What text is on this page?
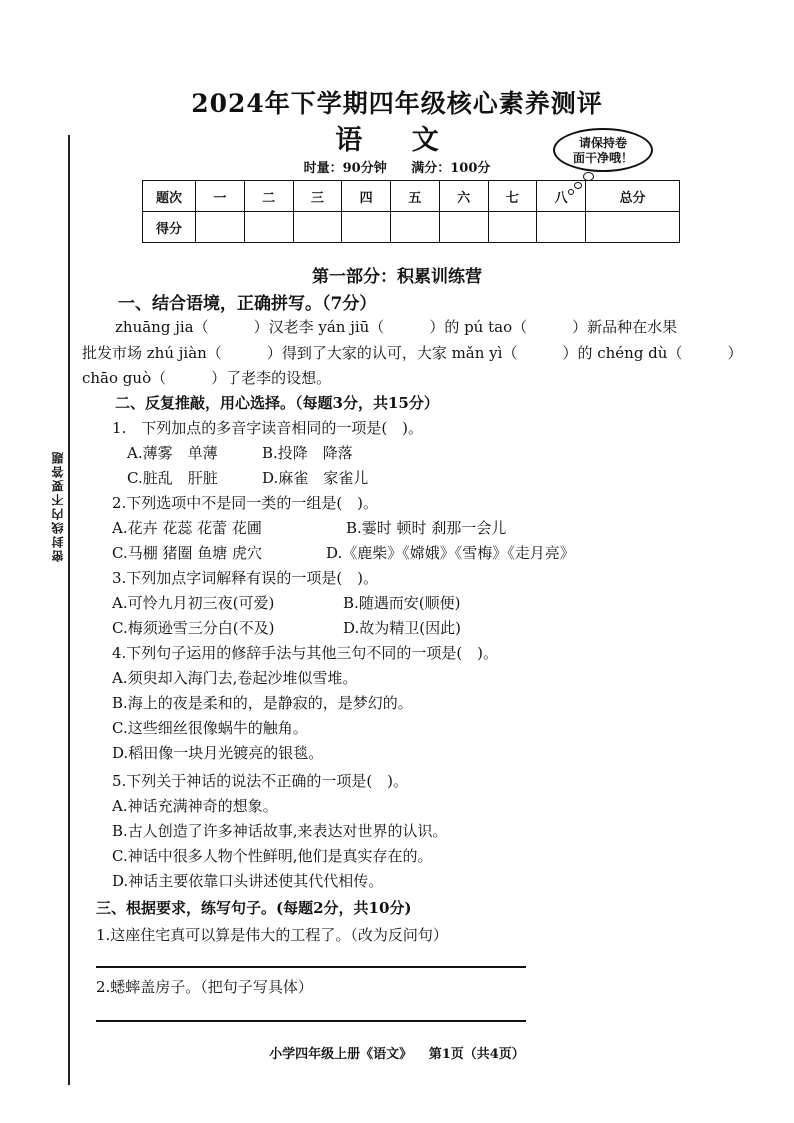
密封线内不要答题
2024年下学期四年级核心素养测评
语 文	请保持卷
面干净哦！
时量：90分钟 满分：100分
题次	一	二	三	四	五	六	七	八	总分
得分									
第一部分：积累训练营
一、结合语境，正确拼写。（7分）
zhuāng jia（　　　）汉老李 yán jiū（　　　）的 pú tao（　　　）新品种在水果
批发市场 zhú jiàn（　　　）得到了大家的认可，大家 mǎn yì（　　　）的 chéng dù（　　　）
chāo guò（　　　）了老李的设想。
二、反复推敲，用心选择。（每题3分，共15分）
1.　下列加点的多音字读音相同的一项是(　)。
A.薄雾　单薄	B.投降　降落
C.脏乱　肝脏	D.麻雀　家雀儿
2.下列选项中不是同一类的一组是(　)。
A.花卉 花蕊 花蕾 花圃	B.霎时 顿时 刹那一会儿
C.马棚 猪圈 鱼塘 虎穴	D.《鹿柴》《嫦娥》《雪梅》《走月亮》
3.下列加点字词解释有误的一项是(　)。
A.可怜九月初三夜(可爱)	B.随遇而安(顺便)
C.梅须逊雪三分白(不及)	D.故为精卫(因此)
4.下列句子运用的修辞手法与其他三句不同的一项是(　)。
A.须臾却入海门去,卷起沙堆似雪堆。
B.海上的夜是柔和的，是静寂的，是梦幻的。
C.这些细丝很像蜗牛的触角。
D.稻田像一块月光镀亮的银毯。
5.下列关于神话的说法不正确的一项是(　)。
A.神话充满神奇的想象。
B.古人创造了许多神话故事,来表达对世界的认识。
C.神话中很多人物个性鲜明,他们是真实存在的。
D.神话主要依靠口头讲述使其代代相传。
三、根据要求，练写句子。(每题2分，共10分)
1.这座住宅真可以算是伟大的工程了。（改为反问句）
2.蟋蟀盖房子。（把句子写具体）
小学四年级上册《语文》 第1页（共4页）
